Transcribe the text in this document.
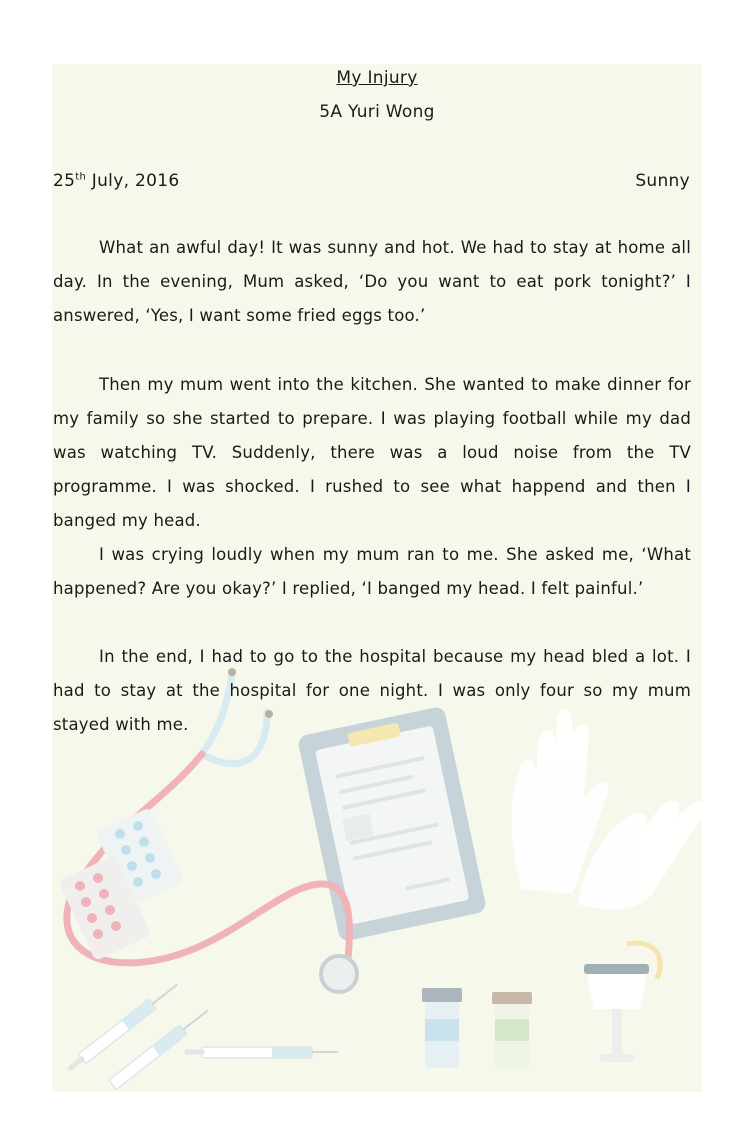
My Injury
5A Yuri Wong
25th July, 2016	Sunny

What an awful day! It was sunny and hot. We had to stay at home all day. In the evening, Mum asked, ‘Do you want to eat pork tonight?’ I answered, ‘Yes, I want some fried eggs too.’

Then my mum went into the kitchen. She wanted to make dinner for my family so she started to prepare. I was playing football while my dad was watching TV. Suddenly, there was a loud noise from the TV programme. I was shocked. I rushed to see what happend and then I banged my head.

I was crying loudly when my mum ran to me. She asked me, ‘What happened? Are you okay?’ I replied, ‘I banged my head. I felt painful.’

In the end, I had to go to the hospital because my head bled a lot. I had to stay at the hospital for one night. I was only four so my mum stayed with me.
